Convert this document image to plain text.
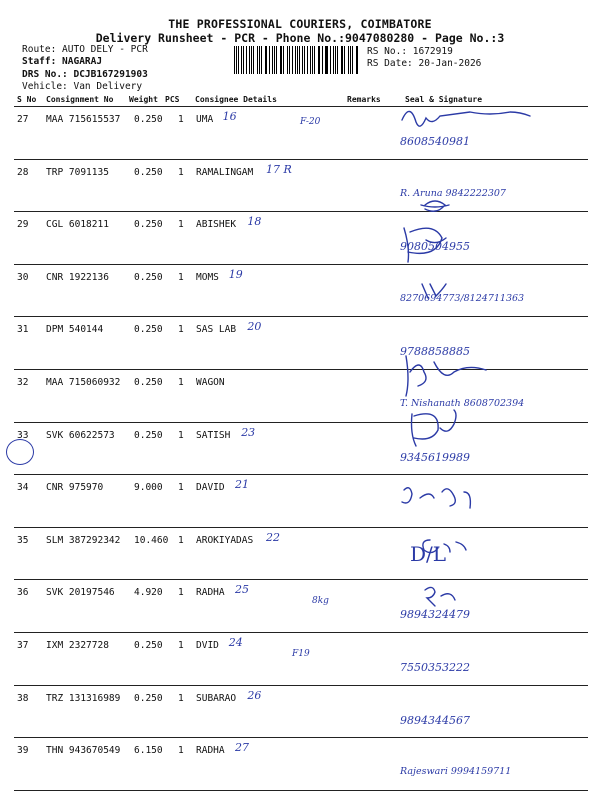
THE PROFESSIONAL COURIERS, COIMBATORE
Delivery Runsheet - PCR - Phone No.:9047080280 - Page No.:3
Route: AUTO DELY - PCR
Staff: NAGARAJ
DRS No.: DCJB167291903
Vehicle: Van Delivery
RS No.: 1672919
RS Date: 20-Jan-2026
S No Consignment No Weight PCS Consignee Details	Remarks	Seal & Signature
27 MAA 715615537 0.250 1 UMA 16	F-20
8608540981
28 TRP 7091135	0.250 1 RAMALINGAM 17 R
R. Aruna 9842222307
29 CGL 6018211	0.250 1 ABISHEK 18
9080504955
30 CNR 1922136	0.250 1 MOMS 19
8270694773/8124711363
31 DPM 540144	0.250 1 SAS LAB 20
9788858885
32 MAA 715060932 0.250 1 WAGON
T. Nishanath 8608702394
33 SVK 60622573 0.250 1 SATISH 23
9345619989
34 CNR 975970	9.000 1 DAVID 21
35 SLM 387292342 10.460 1 AROKIYADAS 22
D/L
36 SVK 20197546 4.920 1 RADHA 25
8kg
9894324479
37 IXM 2327728	0.250 1 DVID 24
F19
7550353222
38 TRZ 131316989 0.250 1 SUBARAO 26
9894344567
39 THN 943670549 6.150 1 RADHA 27
Rajeswari 9994159711
